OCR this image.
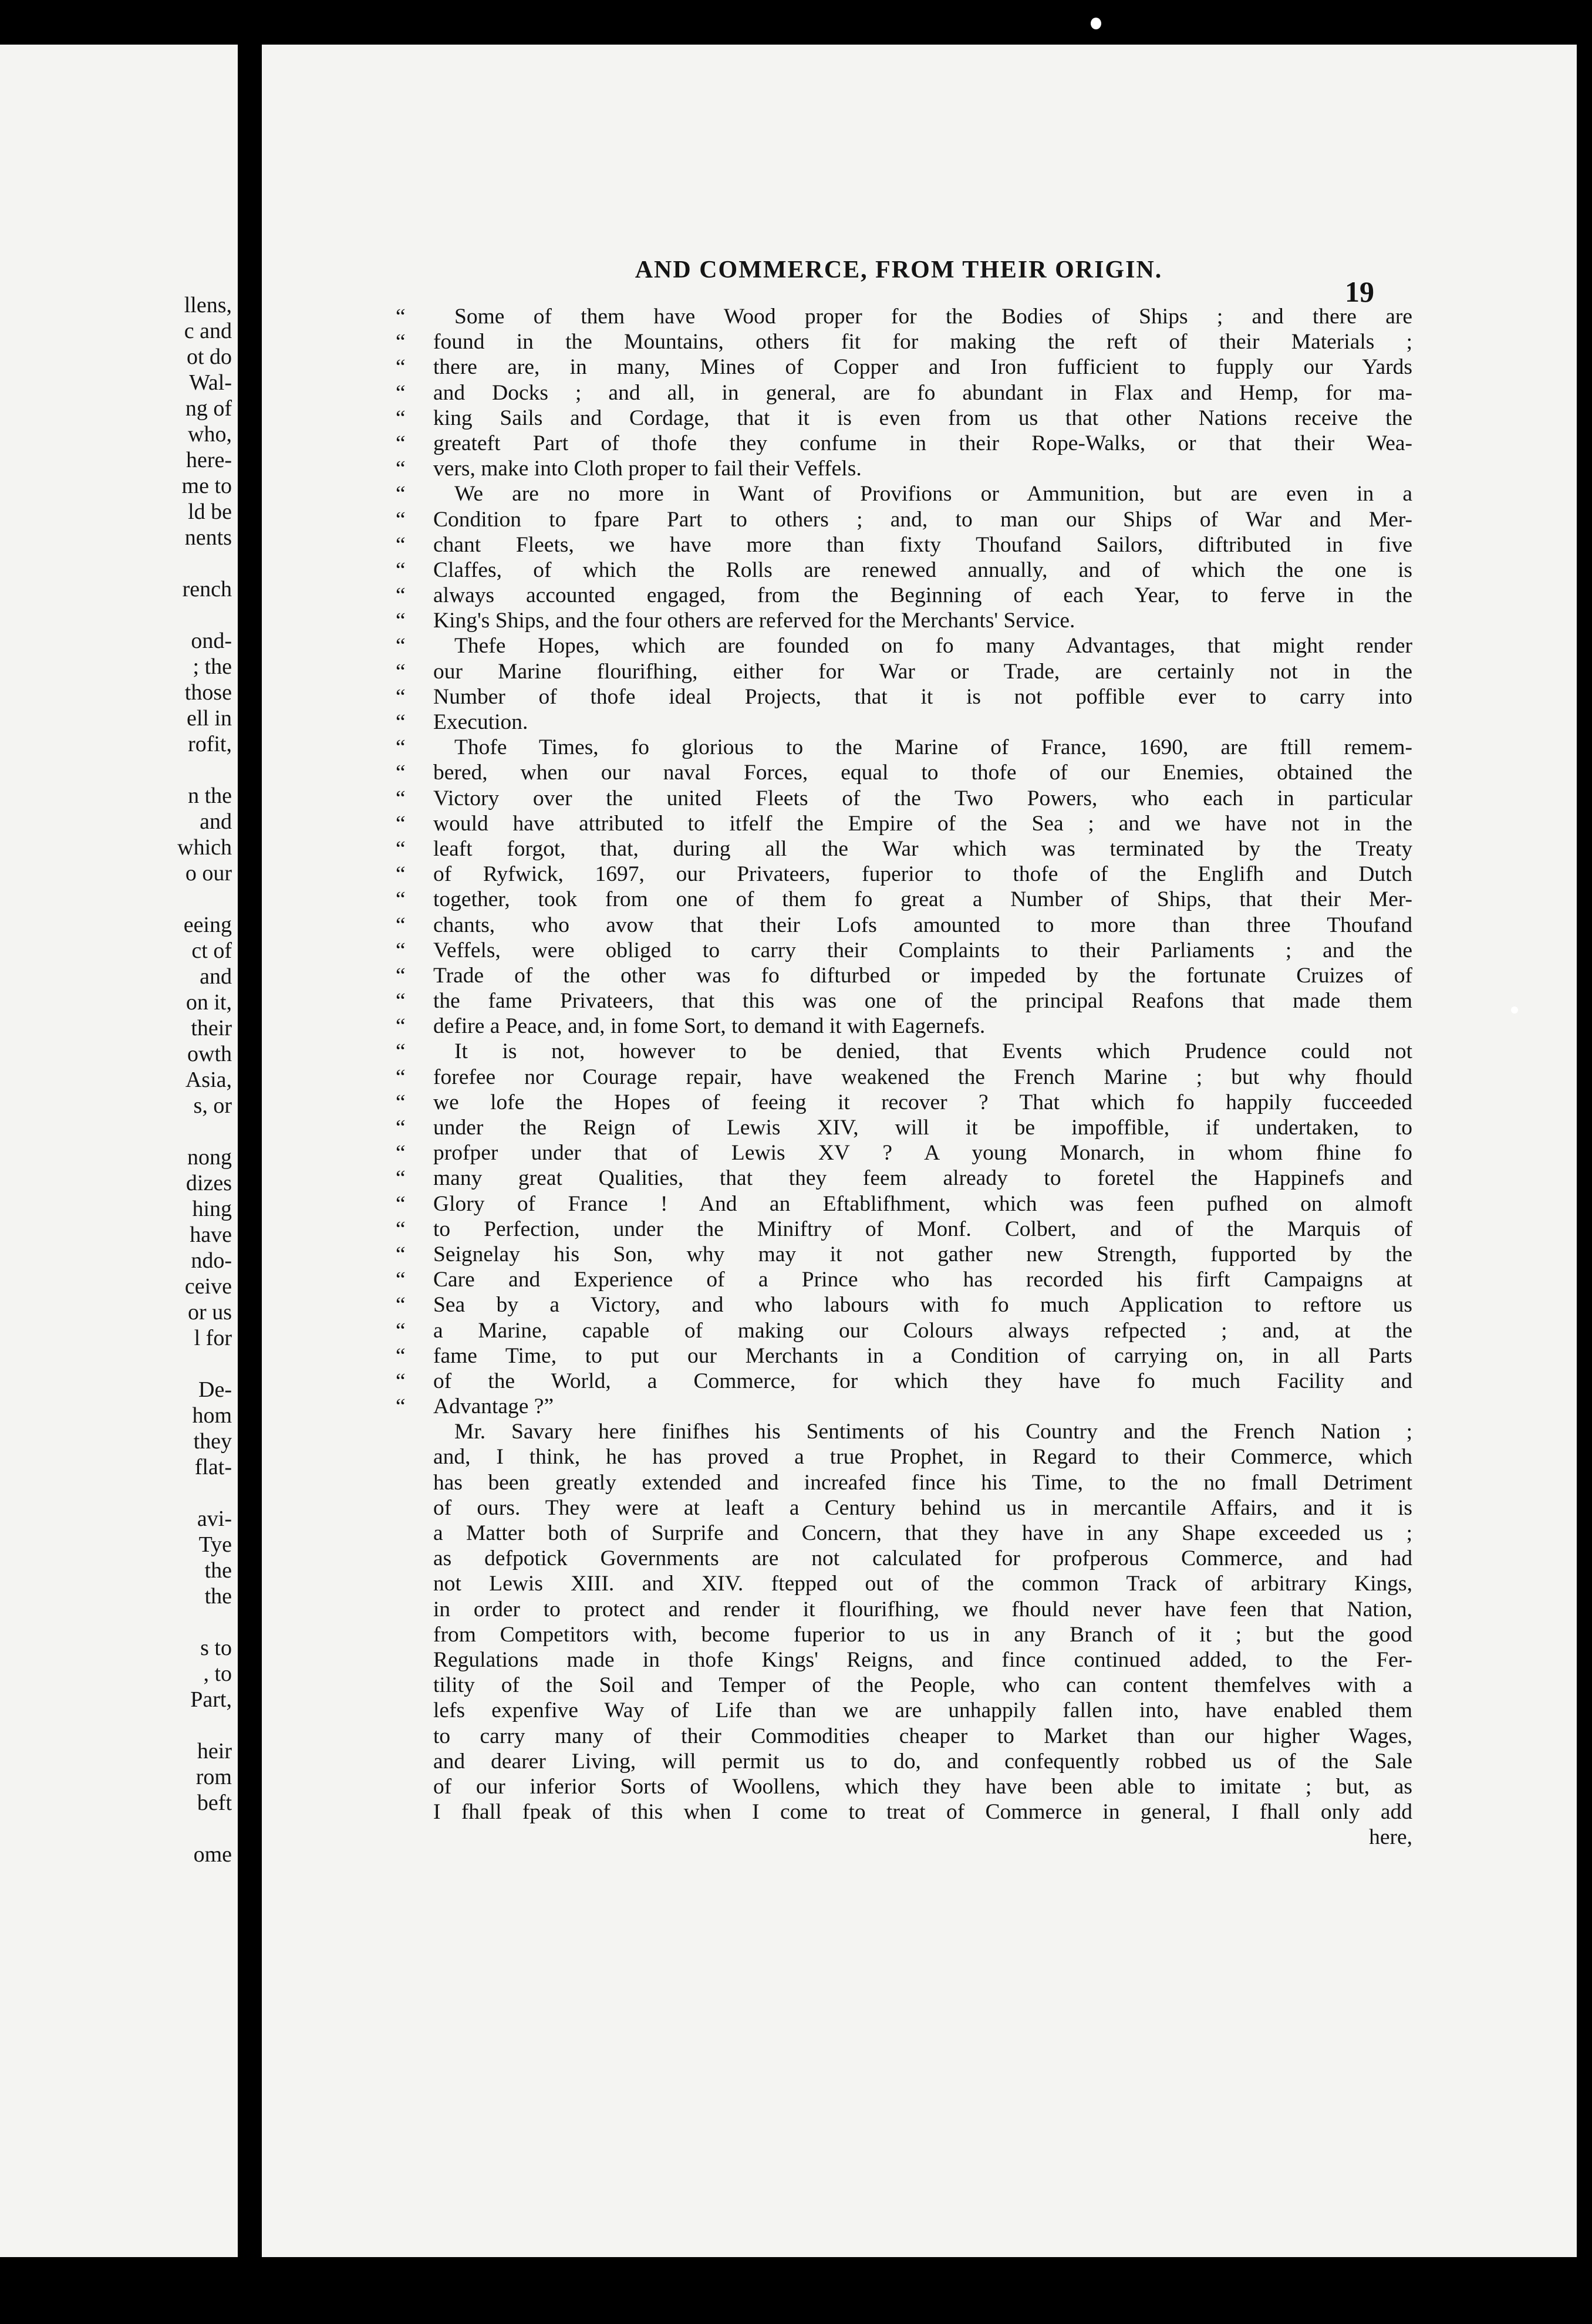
llens,
c and
ot do
Wal-
ng of
who,
here-
me to
ld be
nents
rench
ond-
; the
those
ell in
rofit,
n the
and
which
o our
eeing
ct of
and
on it,
their
owth
Asia,
s, or
nong
dizes
hing
have
ndo-
ceive
or us
l for
De-
hom
they
flat-
avi-
Tye
the
the
s to
, to
Part,
heir
rom
beft
ome
AND COMMERCE, FROM THEIR ORIGIN.
19
“ Some of them have Wood proper for the Bodies of Ships ; and there are
“ found in the Mountains, others fit for making the reft of their Materials ;
“ there are, in many, Mines of Copper and Iron fufficient to fupply our Yards
“ and Docks ; and all, in general, are fo abundant in Flax and Hemp, for ma-
“ king Sails and Cordage, that it is even from us that other Nations receive the
“ greateft Part of thofe they confume in their Rope-Walks, or that their Wea-
“ vers, make into Cloth proper to fail their Veffels.
“ We are no more in Want of Provifions or Ammunition, but are even in a
“ Condition to fpare Part to others ; and, to man our Ships of War and Mer-
“ chant Fleets, we have more than fixty Thoufand Sailors, diftributed in five
“ Claffes, of which the Rolls are renewed annually, and of which the one is
“ always accounted engaged, from the Beginning of each Year, to ferve in the
“ King's Ships, and the four others are referved for the Merchants' Service.
“ Thefe Hopes, which are founded on fo many Advantages, that might render
“ our Marine flourifhing, either for War or Trade, are certainly not in the
“ Number of thofe ideal Projects, that it is not poffible ever to carry into
“ Execution.
“ Thofe Times, fo glorious to the Marine of France, 1690, are ftill remem-
“ bered, when our naval Forces, equal to thofe of our Enemies, obtained the
“ Victory over the united Fleets of the Two Powers, who each in particular
“ would have attributed to itfelf the Empire of the Sea ; and we have not in the
“ leaft forgot, that, during all the War which was terminated by the Treaty
“ of Ryfwick, 1697, our Privateers, fuperior to thofe of the Englifh and Dutch
“ together, took from one of them fo great a Number of Ships, that their Mer-
“ chants, who avow that their Lofs amounted to more than three Thoufand
“ Veffels, were obliged to carry their Complaints to their Parliaments ; and the
“ Trade of the other was fo difturbed or impeded by the fortunate Cruizes of
“ the fame Privateers, that this was one of the principal Reafons that made them
“ defire a Peace, and, in fome Sort, to demand it with Eagernefs.
“ It is not, however to be denied, that Events which Prudence could not
“ forefee nor Courage repair, have weakened the French Marine ; but why fhould
“ we lofe the Hopes of feeing it recover ? That which fo happily fucceeded
“ under the Reign of Lewis XIV, will it be impoffible, if undertaken, to
“ profper under that of Lewis XV ? A young Monarch, in whom fhine fo
“ many great Qualities, that they feem already to foretel the Happinefs and
“ Glory of France ! And an Eftablifhment, which was feen pufhed on almoft
“ to Perfection, under the Miniftry of Monf. Colbert, and of the Marquis of
“ Seignelay his Son, why may it not gather new Strength, fupported by the
“ Care and Experience of a Prince who has recorded his firft Campaigns at
“ Sea by a Victory, and who labours with fo much Application to reftore us
“ a Marine, capable of making our Colours always refpected ; and, at the
“ fame Time, to put our Merchants in a Condition of carrying on, in all Parts
“ of the World, a Commerce, for which they have fo much Facility and
“ Advantage ?”
Mr. Savary here finifhes his Sentiments of his Country and the French Nation ;
and, I think, he has proved a true Prophet, in Regard to their Commerce, which
has been greatly extended and increafed fince his Time, to the no fmall Detriment
of ours. They were at leaft a Century behind us in mercantile Affairs, and it is
a Matter both of Surprife and Concern, that they have in any Shape exceeded us ;
as defpotick Governments are not calculated for profperous Commerce, and had
not Lewis XIII. and XIV. ftepped out of the common Track of arbitrary Kings,
in order to protect and render it flourifhing, we fhould never have feen that Nation,
from Competitors with, become fuperior to us in any Branch of it ; but the good
Regulations made in thofe Kings' Reigns, and fince continued added, to the Fer-
tility of the Soil and Temper of the People, who can content themfelves with a
lefs expenfive Way of Life than we are unhappily fallen into, have enabled them
to carry many of their Commodities cheaper to Market than our higher Wages,
and dearer Living, will permit us to do, and confequently robbed us of the Sale
of our inferior Sorts of Woollens, which they have been able to imitate ; but, as
I fhall fpeak of this when I come to treat of Commerce in general, I fhall only add
here,
